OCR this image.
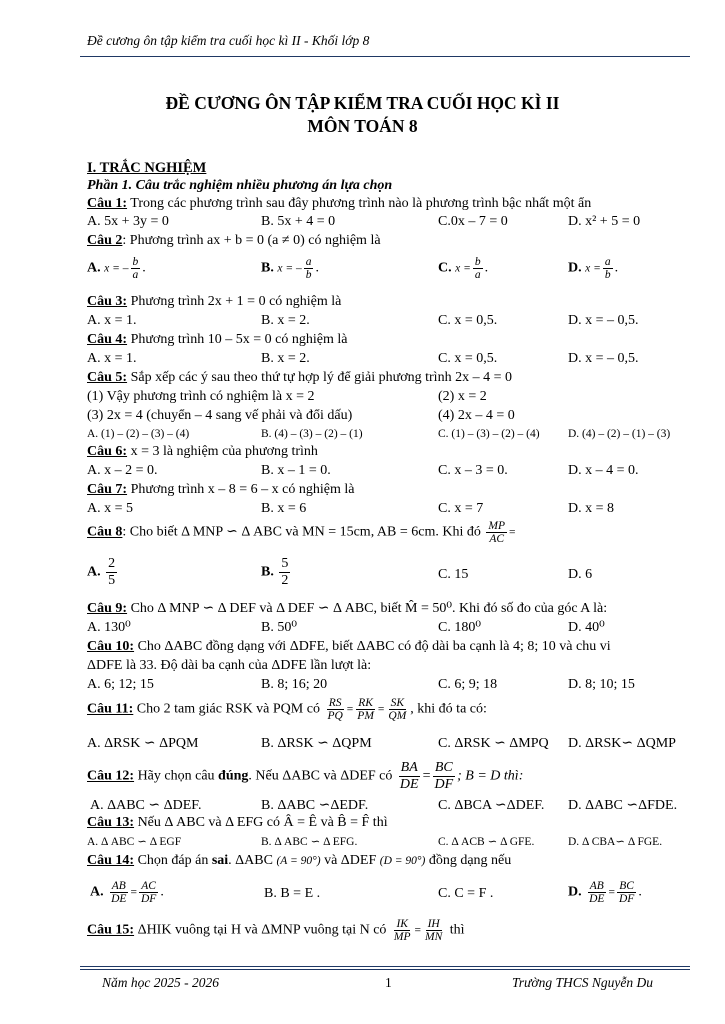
Đề cương ôn tập kiểm tra cuối học kì II - Khối lớp 8
ĐỀ CƯƠNG ÔN TẬP KIỂM TRA CUỐI HỌC KÌ II
MÔN TOÁN 8
I. TRẮC NGHIỆM
Phần 1. Câu trắc nghiệm nhiều phương án lựa chọn
Câu 1: Trong các phương trình sau đây phương trình nào là phương trình bậc nhất một ẩn
A. 5x + 3y = 0	B. 5x + 4 = 0	C.0x – 7 = 0	D. x² + 5 = 0
Câu 2: Phương trình ax + b = 0 (a ≠ 0) có nghiệm là
A. x = – $\frac{b}{a}$ .	B. x = – $\frac{a}{b}$ .	C. $x = \frac{b}{a}$ .	D. $x = \frac{a}{b}$ .
Câu 3: Phương trình 2x + 1 = 0 có nghiệm là
A. x = 1.	B. x = 2.	C. x = 0,5.	D. x = – 0,5.
Câu 4: Phương trình 10 – 5x = 0 có nghiệm là
A. x = 1.	B. x = 2.	C. x = 0,5.	D. x = – 0,5.
Câu 5: Sắp xếp các ý sau theo thứ tự hợp lý để giải phương trình 2x – 4 = 0
(1) Vậy phương trình có nghiệm là x = 2	(2) x = 2
(3) 2x = 4 (chuyển – 4 sang vế phải và đổi dấu)	(4) 2x – 4 = 0
A. (1) – (2) – (3) – (4)	B. (4) – (3) – (2) – (1)	C. (1) – (3) – (2) – (4) D. (4) – (2) – (1) – (3)
Câu 6: x = 3 là nghiệm của phương trình
A. x – 2 = 0.	B. x – 1 = 0.	C. x – 3 = 0.	D. x – 4 = 0.
Câu 7: Phương trình x – 8 = 6 – x có nghiệm là
A. x = 5	B. x = 6	C. x = 7	D. x = 8
Câu 8: Cho biết Δ MNP ∽ Δ ABC và MN = 15cm, AB = 6cm. Khi đó $\frac{MP}{AC}$ =
A. $\frac{2}{5}$	B. $\frac{5}{2}$	C. 15	D. 6
Câu 9: Cho Δ MNP ∽ Δ DEF và Δ DEF ∽ Δ ABC, biết M̂ = 50⁰. Khi đó số đo của góc A là:
A. 130⁰	B. 50⁰	C. 180⁰	D. 40⁰
Câu 10: Cho ΔABC đồng dạng với ΔDFE, biết ΔABC có độ dài ba cạnh là 4; 8; 10 và chu vi
ΔDFE là 33. Độ dài ba cạnh của ΔDFE lần lượt là:
A. 6; 12; 15	B. 8; 16; 20	C. 6; 9; 18	D. 8; 10; 15
Câu 11: Cho 2 tam giác RSK và PQM có $\frac{RS}{PQ} = \frac{RK}{PM} = \frac{SK}{QM}$ , khi đó ta có:
A. ΔRSK ∽ ΔPQM	B. ΔRSK ∽ ΔQPM	C. ΔRSK ∽ ΔMPQ D. ΔRSK∽ ΔQMP
Câu 12: Hãy chọn câu đúng. Nếu ΔABC và ΔDEF có $\frac{BA}{DE} = \frac{BC}{DF}$ ; B = D thì:
A. ΔABC ∽ ΔDEF.	B. ΔABC ∽ΔEDF.	C. ΔBCA ∽ΔDEF. D. ΔABC ∽ΔFDE.
Câu 13: Nếu Δ ABC và Δ EFG có Â = Ê và B̂ = F̂ thì
A. Δ ABC ∽ Δ EGF	B. Δ ABC ∽ Δ EFG.	C. Δ ACB ∽ Δ GFE.	D. Δ CBA∽ Δ FGE.
Câu 14: Chọn đáp án sai. ΔABC (A = 90°) và ΔDEF (D = 90°) đồng dạng nếu
A. $\frac{AB}{DE} = \frac{AC}{DF}$ .	B. B = E .	C. C = F .	D. $\frac{AB}{DE} = \frac{BC}{DF}$ .
Câu 15: ΔHIK vuông tại H và ΔMNP vuông tại N có $\frac{IK}{MP} = \frac{IH}{MN}$ thì
Năm học 2025 - 2026	1	Trường THCS Nguyễn Du
